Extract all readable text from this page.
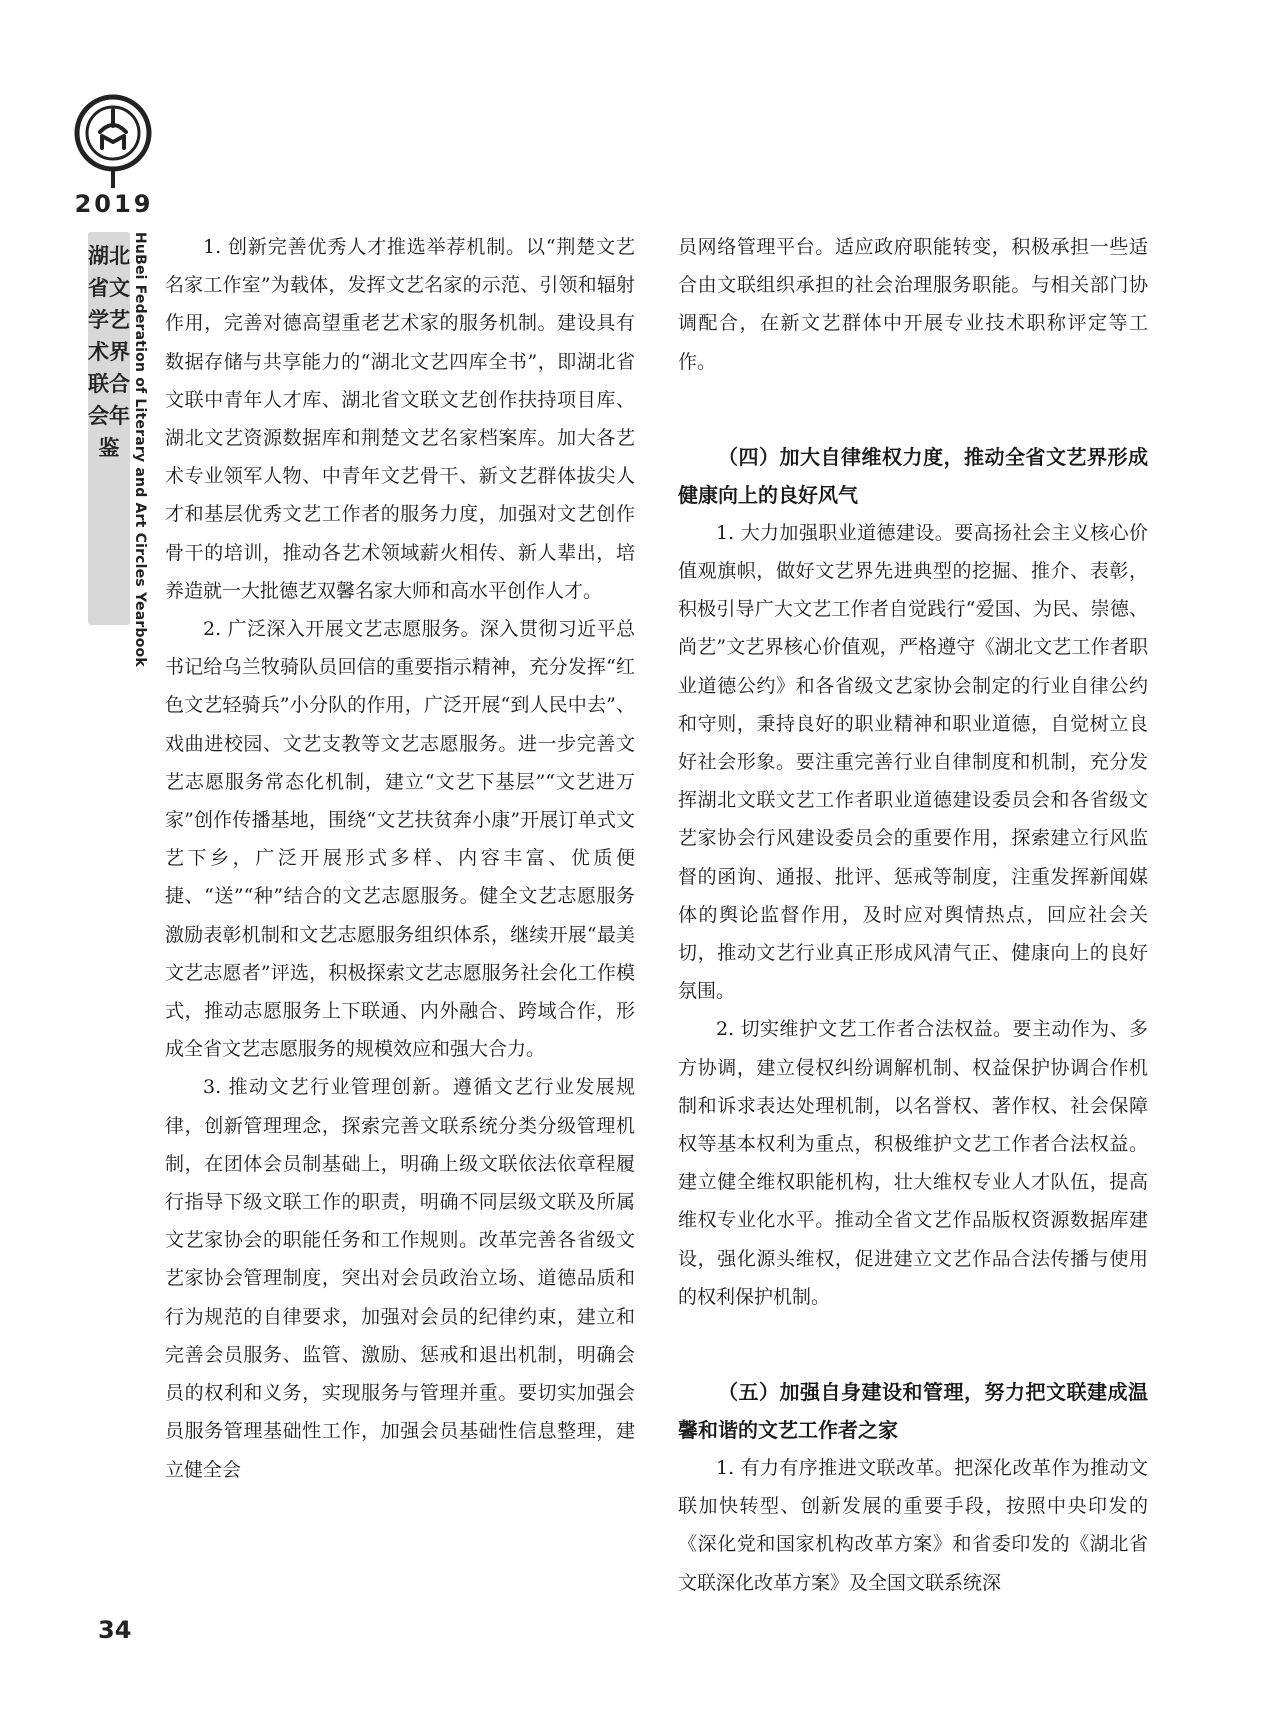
2019
湖北省文学艺术界联合会年鉴 HuBei Federation of Literary and Art Circles Yearbook	1. 创新完善优秀人才推选举荐机制。以“荆楚文艺名家工作室”为载体，发挥文艺名家的示范、引领和辐射作用，完善对德高望重老艺术家的服务机制。建设具有数据存储与共享能力的“湖北文艺四库全书”，即湖北省文联中青年人才库、湖北省文联文艺创作扶持项目库、湖北文艺资源数据库和荆楚文艺名家档案库。加大各艺术专业领军人物、中青年文艺骨干、新文艺群体拔尖人才和基层优秀文艺工作者的服务力度，加强对文艺创作骨干的培训，推动各艺术领域薪火相传、新人辈出，培养造就一大批德艺双馨名家大师和高水平创作人才。

2. 广泛深入开展文艺志愿服务。深入贯彻习近平总书记给乌兰牧骑队员回信的重要指示精神，充分发挥“红色文艺轻骑兵”小分队的作用，广泛开展“到人民中去”、戏曲进校园、文艺支教等文艺志愿服务。进一步完善文艺志愿服务常态化机制，建立“文艺下基层”“文艺进万家”创作传播基地，围绕“文艺扶贫奔小康”开展订单式文艺下乡，广泛开展形式多样、内容丰富、优质便捷、“送”“种”结合的文艺志愿服务。健全文艺志愿服务激励表彰机制和文艺志愿服务组织体系，继续开展“最美文艺志愿者”评选，积极探索文艺志愿服务社会化工作模式，推动志愿服务上下联通、内外融合、跨域合作，形成全省文艺志愿服务的规模效应和强大合力。

3. 推动文艺行业管理创新。遵循文艺行业发展规律，创新管理理念，探索完善文联系统分类分级管理机制，在团体会员制基础上，明确上级文联依法依章程履行指导下级文联工作的职责，明确不同层级文联及所属文艺家协会的职能任务和工作规则。改革完善各省级文艺家协会管理制度，突出对会员政治立场、道德品质和行为规范的自律要求，加强对会员的纪律约束，建立和完善会员服务、监管、激励、惩戒和退出机制，明确会员的权利和义务，实现服务与管理并重。要切实加强会员服务管理基础性工作，加强会员基础性信息整理，建立健全会

员网络管理平台。适应政府职能转变，积极承担一些适合由文联组织承担的社会治理服务职能。与相关部门协调配合，在新文艺群体中开展专业技术职称评定等工作。

（四）加大自律维权力度，推动全省文艺界形成健康向上的良好风气

1. 大力加强职业道德建设。要高扬社会主义核心价值观旗帜，做好文艺界先进典型的挖掘、推介、表彰，积极引导广大文艺工作者自觉践行“爱国、为民、崇德、尚艺”文艺界核心价值观，严格遵守《湖北文艺工作者职业道德公约》和各省级文艺家协会制定的行业自律公约和守则，秉持良好的职业精神和职业道德，自觉树立良好社会形象。要注重完善行业自律制度和机制，充分发挥湖北文联文艺工作者职业道德建设委员会和各省级文艺家协会行风建设委员会的重要作用，探索建立行风监督的函询、通报、批评、惩戒等制度，注重发挥新闻媒体的舆论监督作用，及时应对舆情热点，回应社会关切，推动文艺行业真正形成风清气正、健康向上的良好氛围。

2. 切实维护文艺工作者合法权益。要主动作为、多方协调，建立侵权纠纷调解机制、权益保护协调合作机制和诉求表达处理机制，以名誉权、著作权、社会保障权等基本权利为重点，积极维护文艺工作者合法权益。建立健全维权职能机构，壮大维权专业人才队伍，提高维权专业化水平。推动全省文艺作品版权资源数据库建设，强化源头维权，促进建立文艺作品合法传播与使用的权利保护机制。

（五）加强自身建设和管理，努力把文联建成温馨和谐的文艺工作者之家

1. 有力有序推进文联改革。把深化改革作为推动文联加快转型、创新发展的重要手段，按照中央印发的《深化党和国家机构改革方案》和省委印发的《湖北省文联深化改革方案》及全国文联系统深

34
